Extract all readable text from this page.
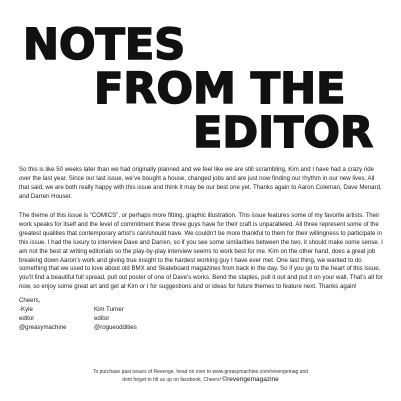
NOTES
FROM THE
EDITOR

So this is like 50 weeks later than we had originally planned and we feel like we are still scrambling, Kim and I have had a crazy ride over the last year. Since our last issue, we’ve bought a house, changed jobs and are just now finding our rhythm in our new lives. All that said, we are both really happy with this issue and think it may be our best one yet. Thanks again to Aaron Coleman, Dave Menard, and Darren Houser.

The theme of this issue is “COMICS”, or perhaps more fitting, graphic illustration. This issue features some of my favorite artists. Their work speaks for itself and the level of commitment these three guys have for their craft is unparalleled. All three represent some of the greatest qualities that contemporary artist’s can/should have. We couldn’t be more thankful to them for their willingness to participate in this issue. I had the luxury to interview Dave and Darren, so if you see some similarities between the two, it should make some sense. I am not the best at writing editorials so the play-by-play interview seems to work best for me. Kim on the other hand, does a great job breaking down Aaron’s work and giving true insight to the hardest working guy I have ever met. One last thing, we wanted to do something that we used to love about old BMX and Skateboard magazines from back in the day. So if you go to the heart of this issue, you’ll find a beautiful full spread, pull out poster of one of Dave’s works. Bend the staples, pull it out and put it on your wall. That’s all for now, so enjoy some great art and get at Kim or I for suggestions and or ideas for future themes to feature next. Thanks again!

Cheers,
-Kyle
editor
@greasymachine
Kim Turner
editor
@rogueoddities
To purchase past issues of Revenge, head on over to www.greasymachine.com/revengemag and
dont forget to hit us up on facebook. Cheers! ©revengemagazine
